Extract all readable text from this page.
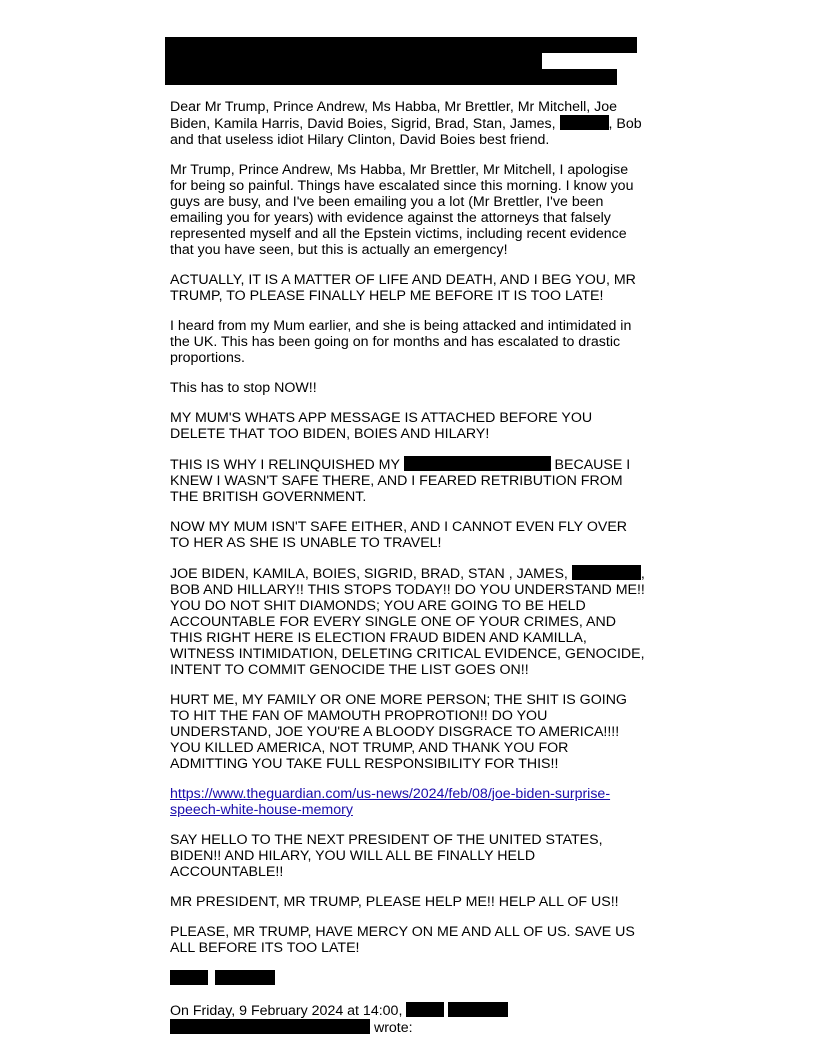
Dear Mr Trump, Prince Andrew, Ms Habba, Mr Brettler, Mr Mitchell, Joe Biden, Kamila Harris, David Boies, Sigrid, Brad, Stan, James,	, Bob and that useless idiot Hilary Clinton, David Boies best friend.

Mr Trump, Prince Andrew, Ms Habba, Mr Brettler, Mr Mitchell, I apologise for being so painful. Things have escalated since this morning. I know you guys are busy, and I've been emailing you a lot (Mr Brettler, I've been emailing you for years) with evidence against the attorneys that falsely represented myself and all the Epstein victims, including recent evidence that you have seen, but this is actually an emergency!

ACTUALLY, IT IS A MATTER OF LIFE AND DEATH, AND I BEG YOU, MR TRUMP, TO PLEASE FINALLY HELP ME BEFORE IT IS TOO LATE!

I heard from my Mum earlier, and she is being attacked and intimidated in the UK. This has been going on for months and has escalated to drastic proportions.

This has to stop NOW!!

MY MUM'S WHATS APP MESSAGE IS ATTACHED BEFORE YOU DELETE THAT TOO BIDEN, BOIES AND HILARY!

THIS IS WHY I RELINQUISHED MY	BECAUSE I KNEW I WASN'T SAFE THERE, AND I FEARED RETRIBUTION FROM THE BRITISH GOVERNMENT.

NOW MY MUM ISN'T SAFE EITHER, AND I CANNOT EVEN FLY OVER TO HER AS SHE IS UNABLE TO TRAVEL!

JOE BIDEN, KAMILA, BOIES, SIGRID, BRAD, STAN , JAMES,	, BOB AND HILLARY!! THIS STOPS TODAY!! DO YOU UNDERSTAND ME!! YOU DO NOT SHIT DIAMONDS; YOU ARE GOING TO BE HELD ACCOUNTABLE FOR EVERY SINGLE ONE OF YOUR CRIMES, AND THIS RIGHT HERE IS ELECTION FRAUD BIDEN AND KAMILLA, WITNESS INTIMIDATION, DELETING CRITICAL EVIDENCE, GENOCIDE, INTENT TO COMMIT GENOCIDE THE LIST GOES ON!!

HURT ME, MY FAMILY OR ONE MORE PERSON; THE SHIT IS GOING TO HIT THE FAN OF MAMOUTH PROPROTION!! DO YOU UNDERSTAND, JOE YOU'RE A BLOODY DISGRACE TO AMERICA!!!! YOU KILLED AMERICA, NOT TRUMP, AND THANK YOU FOR ADMITTING YOU TAKE FULL RESPONSIBILITY FOR THIS!!

https://www.theguardian.com/us-news/2024/feb/08/joe-biden-surprise-
speech-white-house-memory

SAY HELLO TO THE NEXT PRESIDENT OF THE UNITED STATES, BIDEN!! AND HILARY, YOU WILL ALL BE FINALLY HELD ACCOUNTABLE!!

MR PRESIDENT, MR TRUMP, PLEASE HELP ME!! HELP ALL OF US!!

PLEASE, MR TRUMP, HAVE MERCY ON ME AND ALL OF US. SAVE US ALL BEFORE ITS TOO LATE!

On Friday, 9 February 2024 at 14:00,
wrote:
